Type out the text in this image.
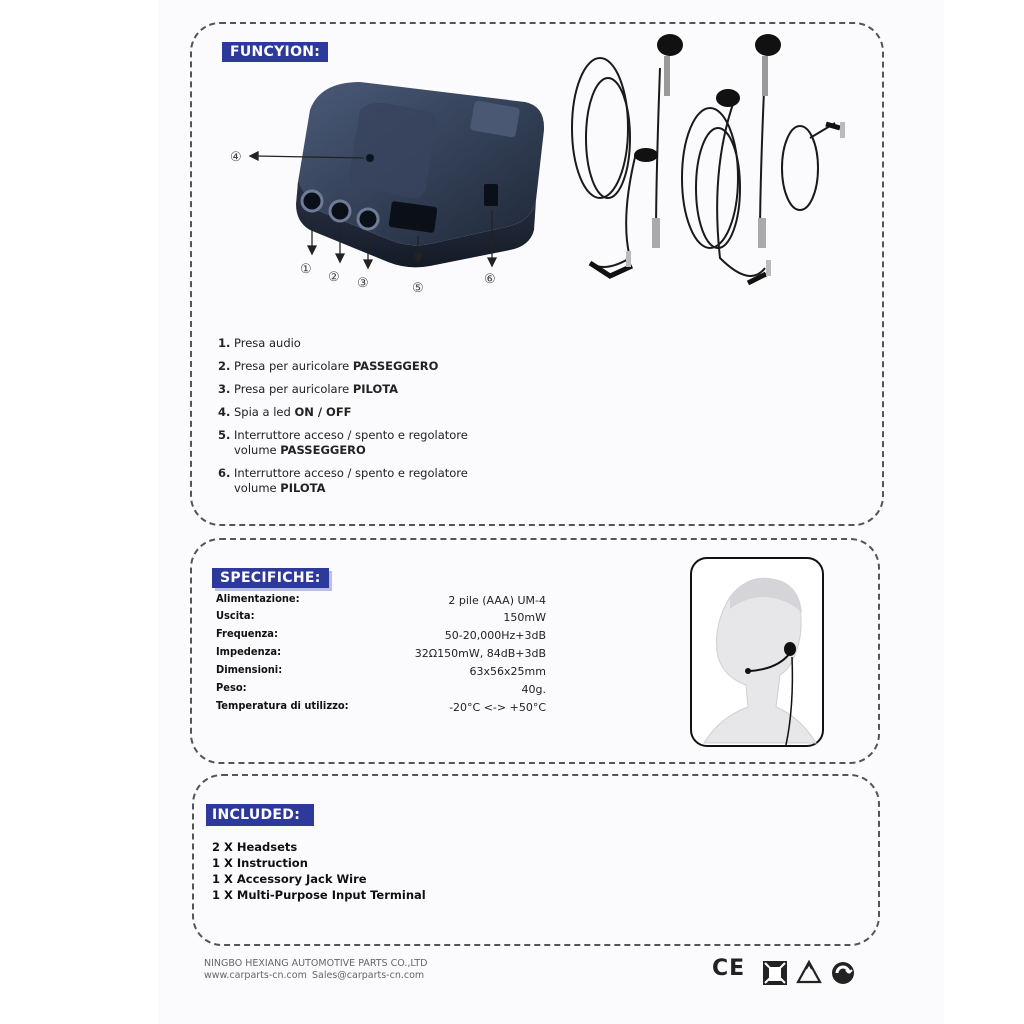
FUNCYION:
④
①
② ③	⑤
⑥
1. Presa audio
2. Presa per auricolare PASSEGGERO
3. Presa per auricolare PILOTA
4. Spia a led ON / OFF
5. Interruttore acceso / spento e regolatore volume PASSEGGERO
6. Interruttore acceso / spento e regolatore volume PILOTA
SPECIFICHE:
Alimentazione:	2 pile (AAA) UM-4
Uscita:	150mW
Frequenza:	50-20,000Hz+3dB
Impedenza:	32Ω150mW, 84dB+3dB
Dimensioni:	63x56x25mm
Peso:	40g.
Temperatura di utilizzo:	-20°C <-> +50°C
INCLUDED:
2 X Headsets
1 X Instruction
1 X Accessory Jack Wire
1 X Multi-Purpose Input Terminal
NINGBO HEXIANG AUTOMOTIVE PARTS CO.,LTD
www.carparts-cn.com Sales@carparts-cn.com	CE
